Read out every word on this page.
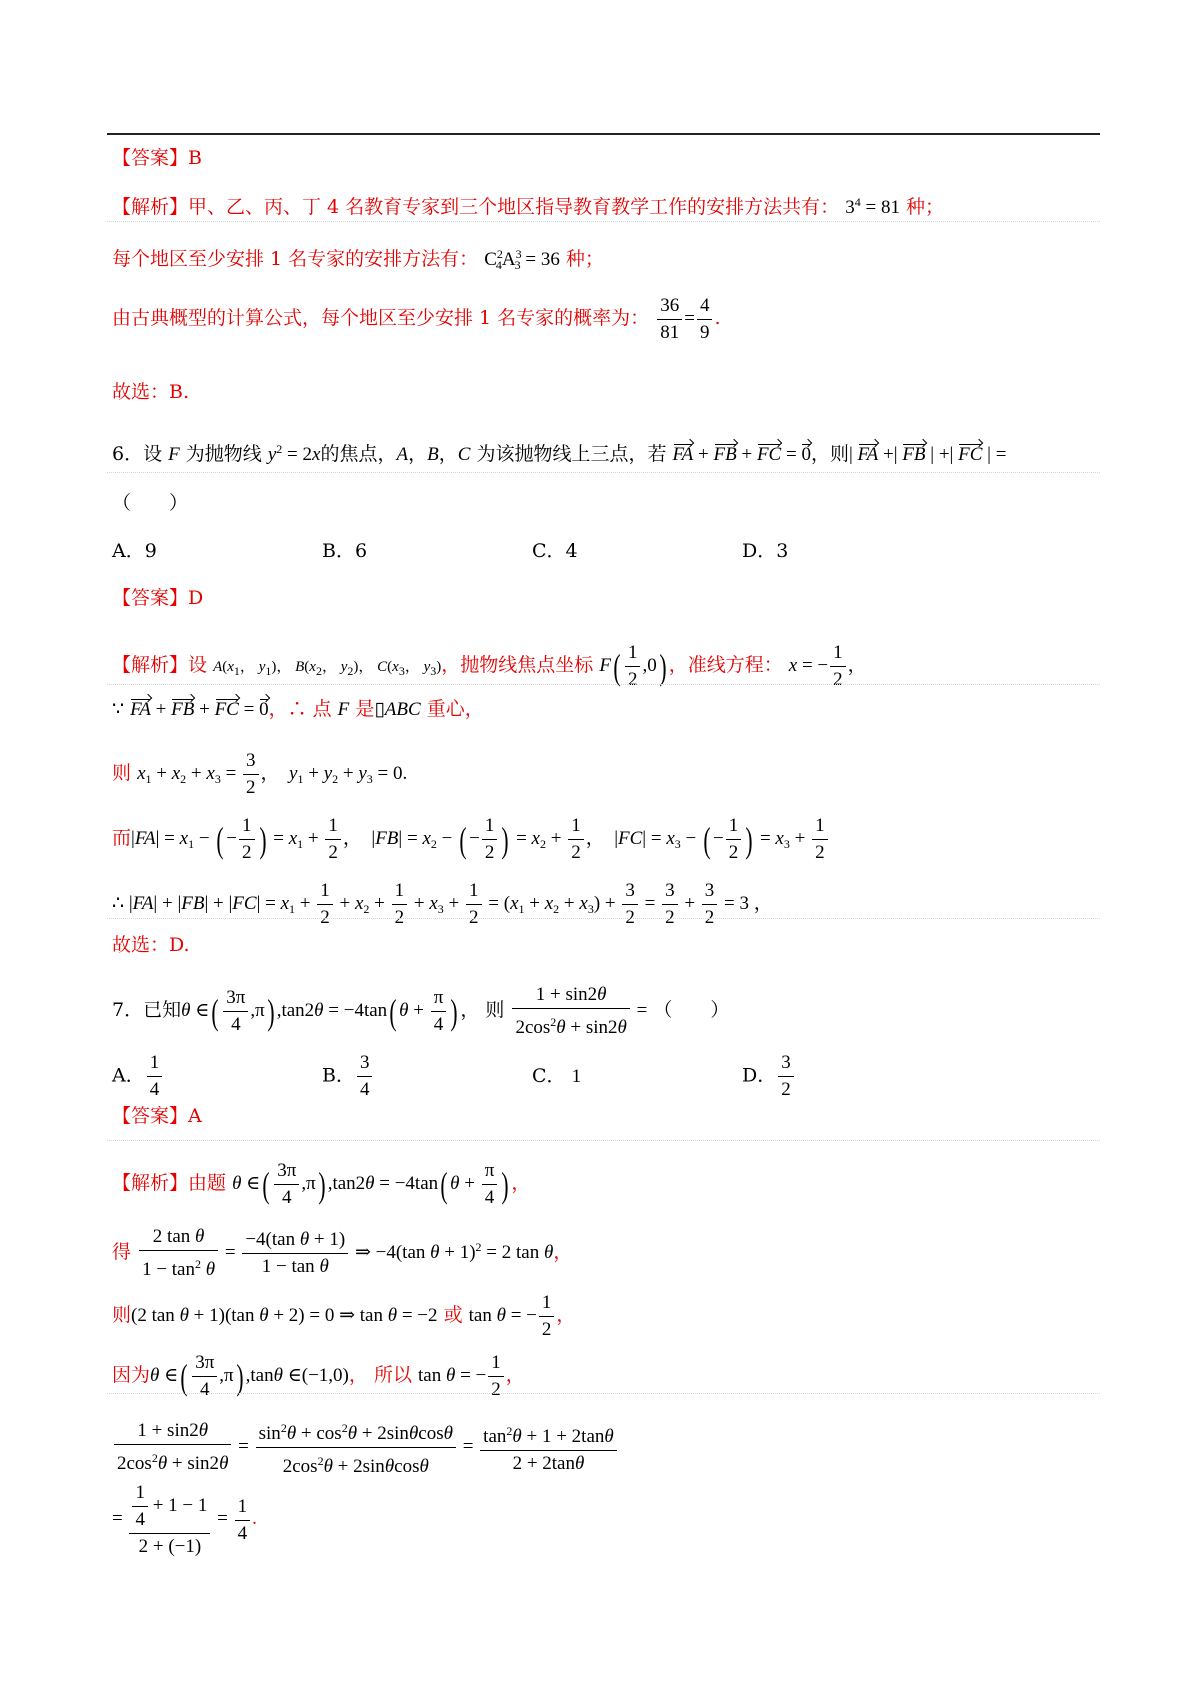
【答案】B
【解析】甲、乙、丙、丁 4 名教育专家到三个地区指导教育教学工作的安排方法共有： $3^4 = 81$ 种；
每个地区至少安排 1 名专家的安排方法有： $C^2_4A^3_3 = 36$ 种；
由古典概型的计算公式，每个地区至少安排 1 名专家的概率为： $\frac{36}{81} = \frac{4}{9}$ .
故选：B.
6．设 F 为抛物线 $y^2 = 2x$的焦点，A，B，C 为该抛物线上三点，若 FA + FB + FC = 0，则| FA +| FB | +| FC | =
（　　）
A．9	B．6	C．4	D．3
【答案】D
【解析】设 $A(x_1$， $y_1$)， $B(x_2$， $y_2$)， $C(x_3$， $y_3$)，抛物线焦点坐标 $F( \frac{1}{2} ,0)$ ，准线方程： x = − $\frac{1}{2}$ ，
∵ FA + FB + FC = 0，∴ 点 F 是▯ABC 重心，
则 $x_1 + x_2 + x_3 = \frac{3}{2}$ ，  $y_1 + y_2 + y_3 = 0$.
而$|FA| = x_1$ − ( − $\frac{1}{2}$ ) = $x_1 + \frac{1}{2}$ ，  $|FB| = x_2$ − ( − $\frac{1}{2}$ ) = $x_2 + \frac{1}{2}$ ，  $|FC| = x_3$ − ( − $\frac{1}{2}$ ) = $x_3 + \frac{1}{2}$
∴ $|FA| + |FB| + |FC| = x_1 + \frac{1}{2} + x_2 + \frac{1}{2} + x_3 + \frac{1}{2} = (x_1 + x_2 + x_3) + \frac{3}{2} = \frac{3}{2} + \frac{3}{2} = 3$ ，
故选：D.
7．已知θ ∈( $\frac{3\pi}{4} ,\pi$) ,tan2θ = −4tan( $\theta + \frac{\pi}{4}$ ) ， 则 $\frac{1 + \sin 2\theta}{2\cos^2\theta + \sin 2\theta}$ = （　　）
A． $\frac{1}{4}$	B． $\frac{3}{4}$	C． 1	D． $\frac{3}{2}$
【答案】A
【解析】由题 θ ∈( $\frac{3\pi}{4} ,\pi$) ,tan2θ = −4tan( $\theta + \frac{\pi}{4}$ ) ，
得 $\frac{\text{2 tan θ}}{1 - \tan^2 \theta} = \frac{\text{−4(tan θ + 1)}}{\text{1 − tan θ}}$ ⇒ −4(tan θ + 1)$^2$ = 2 tan θ，
则(2 tan θ + 1)(tan θ + 2) = 0 ⇒ tan θ = −2 或 tan θ = − $\frac{1}{2}$ ，
因为θ ∈( $\frac{3\pi}{4} ,\pi$) ,tanθ ∈(−1,0)， 所以 tan θ = − $\frac{1}{2}$ ，
$\frac{1 + \sin 2\theta}{2\cos^2\theta + \sin 2\theta} = \frac{\sin^2\theta + \cos^2\theta + 2\sin\theta\cos\theta}{2\cos^2\theta + 2\sin\theta\cos\theta} = \frac{\tan^2\theta + 1 + 2\tan\theta}{2 + 2\tan\theta}$
= $\frac{\frac{1}{4} + 1 - 1}{2 + (-1)} = \frac{1}{4}$ .
